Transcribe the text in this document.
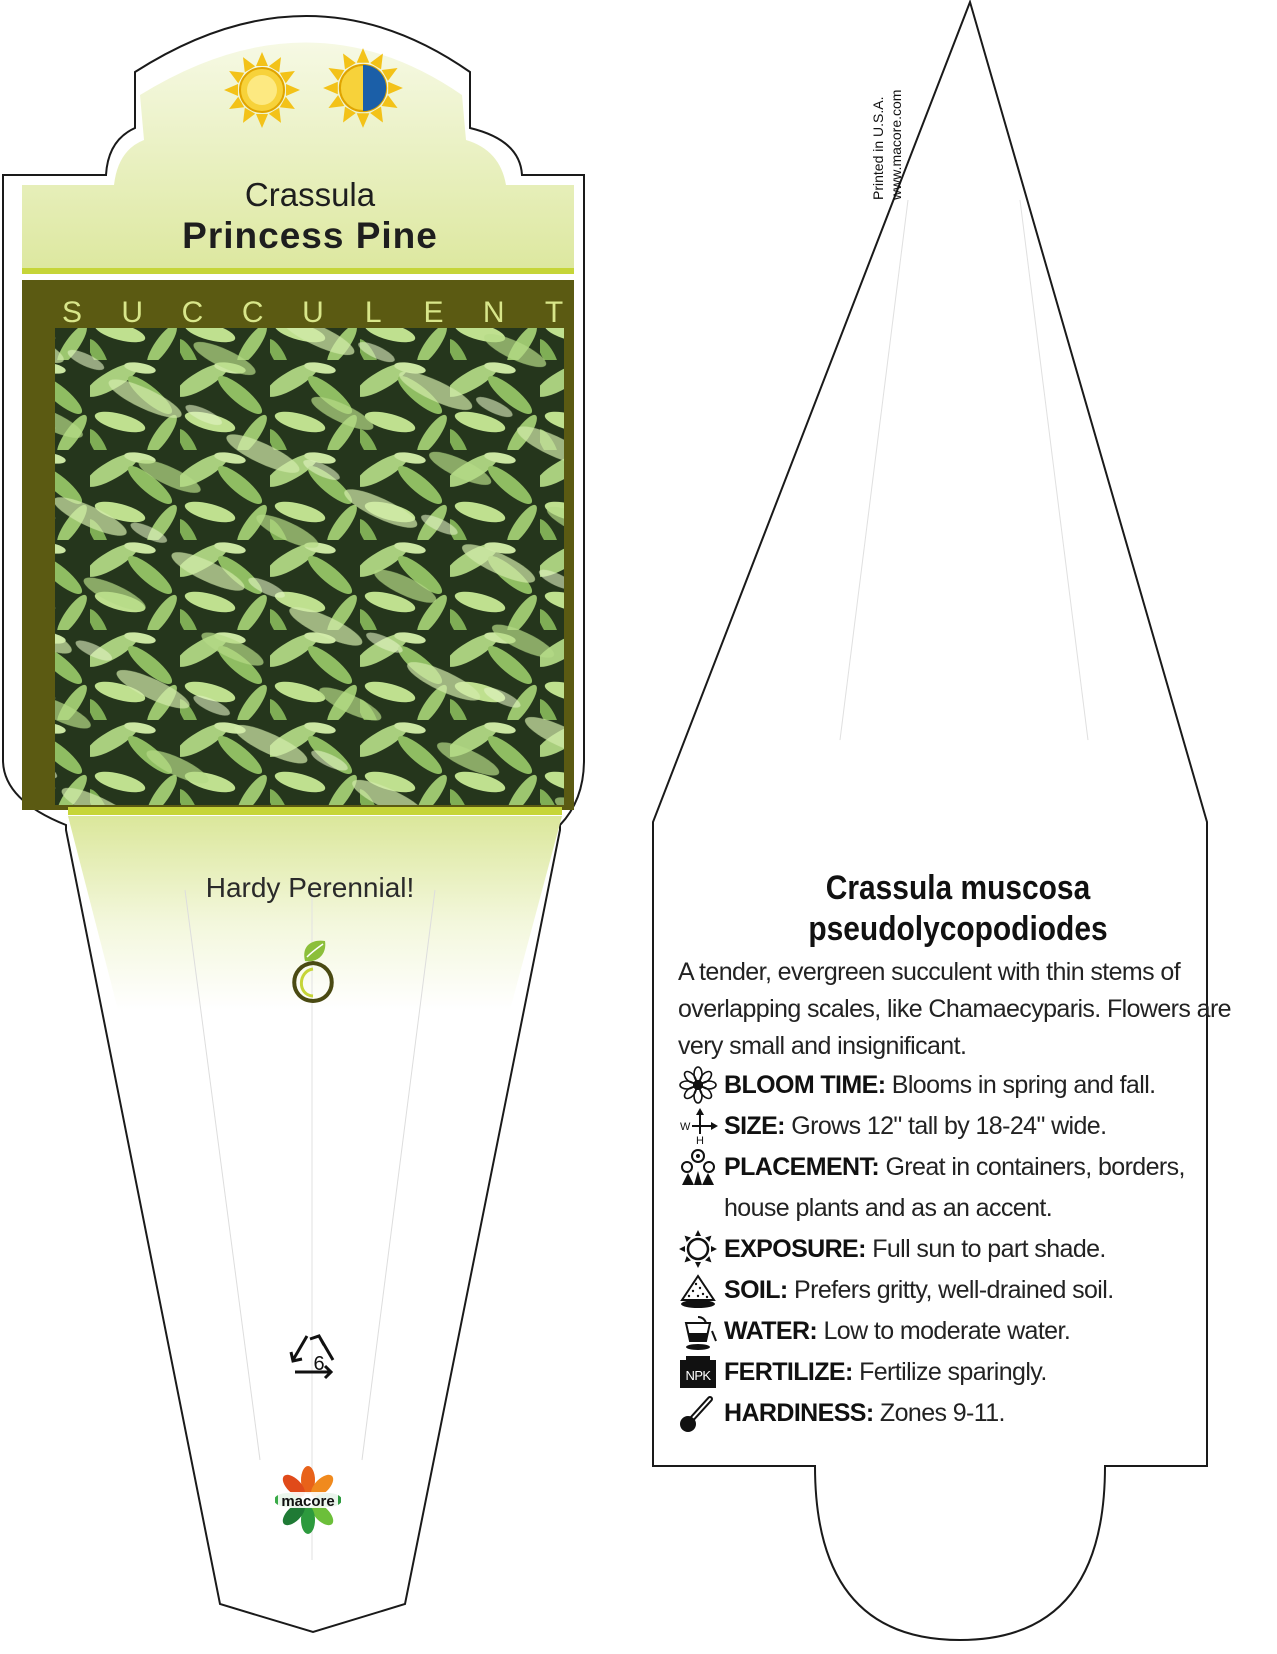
Crassula
Princess Pine
S	U	C	C	U	L	E	N	T
Hardy Perennial!
6
macore
Printed in U.S.A. www.macore.com
Crassula muscosa
pseudolycopodiodes
A tender, evergreen succulent with thin stems of overlapping scales, like Chamaecyparis. Flowers are very small and insignificant.
BLOOM TIME: Blooms in spring and fall.
W
H
SIZE: Grows 12" tall by 18-24" wide.
PLACEMENT: Great in containers, borders, house plants and as an accent.
EXPOSURE: Full sun to part shade.
SOIL: Prefers gritty, well-drained soil.
WATER: Low to moderate water.
NPK FERTILIZE: Fertilize sparingly.
HARDINESS: Zones 9-11.
